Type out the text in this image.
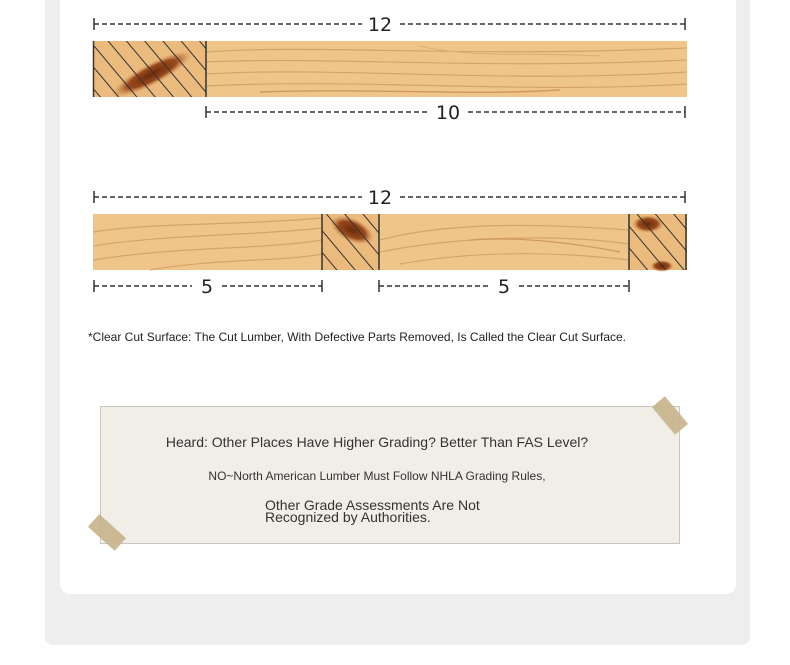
12
10
12
5	5
*Clear Cut Surface: The Cut Lumber, With Defective Parts Removed, Is Called the Clear Cut Surface.
Heard: Other Places Have Higher Grading? Better Than FAS Level?
NO~North American Lumber Must Follow NHLA Grading Rules,
Other Grade Assessments Are Not Recognized by Authorities.
